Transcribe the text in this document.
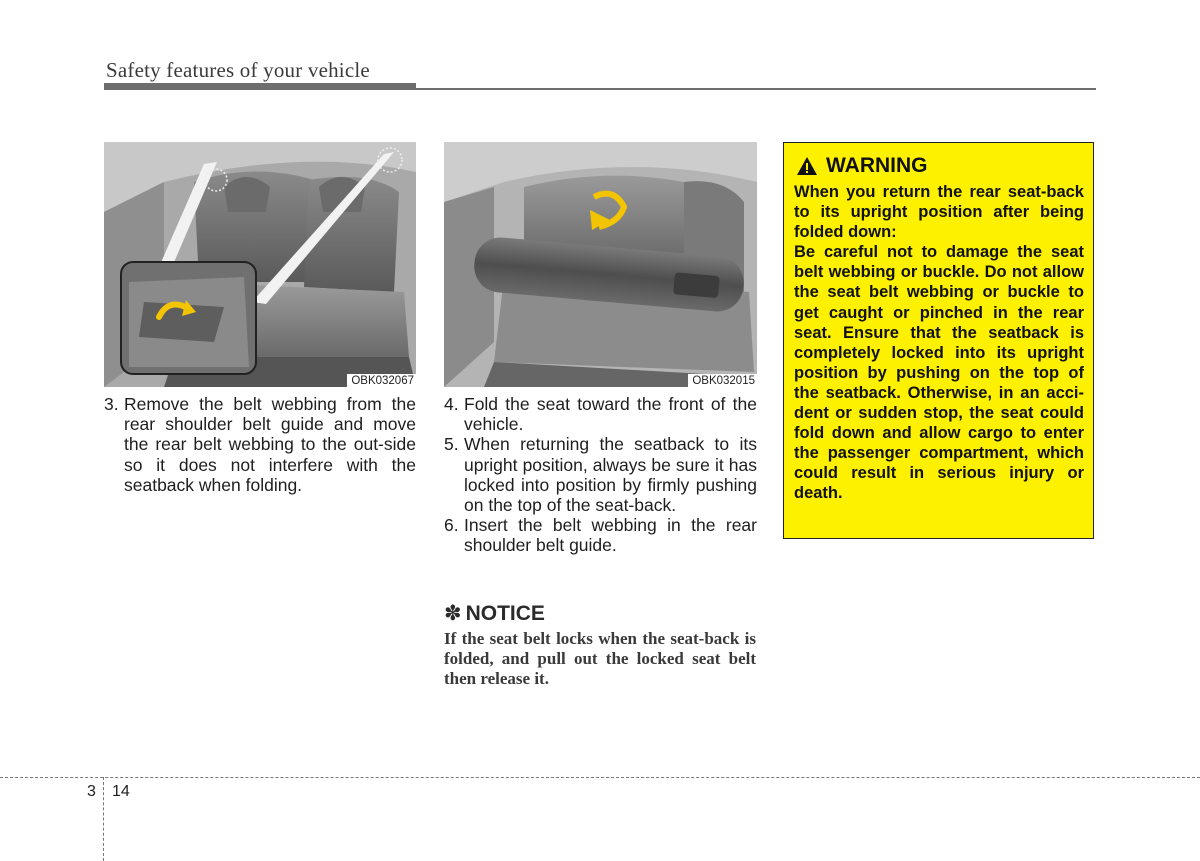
Safety features of your vehicle
OBK032067	OBK032015
3. Remove the belt webbing from the rear shoulder belt guide and move the rear belt webbing to the out-side so it does not interfere with the seatback when folding.
4. Fold the seat toward the front of the vehicle.
5. When returning the seatback to its upright position, always be sure it has locked into position by firmly pushing on the top of the seat-back.
6. Insert the belt webbing in the rear shoulder belt guide.
✽ NOTICE
If the seat belt locks when the seat-back is folded, and pull out the locked seat belt then release it.
WARNING

When you return the rear seat-back to its upright position after being folded down:

Be careful not to damage the seat belt webbing or buckle. Do not allow the seat belt webbing or buckle to get caught or pinched in the rear seat. Ensure that the seatback is completely locked into its upright position by pushing on the top of the seatback. Otherwise, in an acci-dent or sudden stop, the seat could fold down and allow cargo to enter the passenger compartment, which could result in serious injury or death.

3 14
